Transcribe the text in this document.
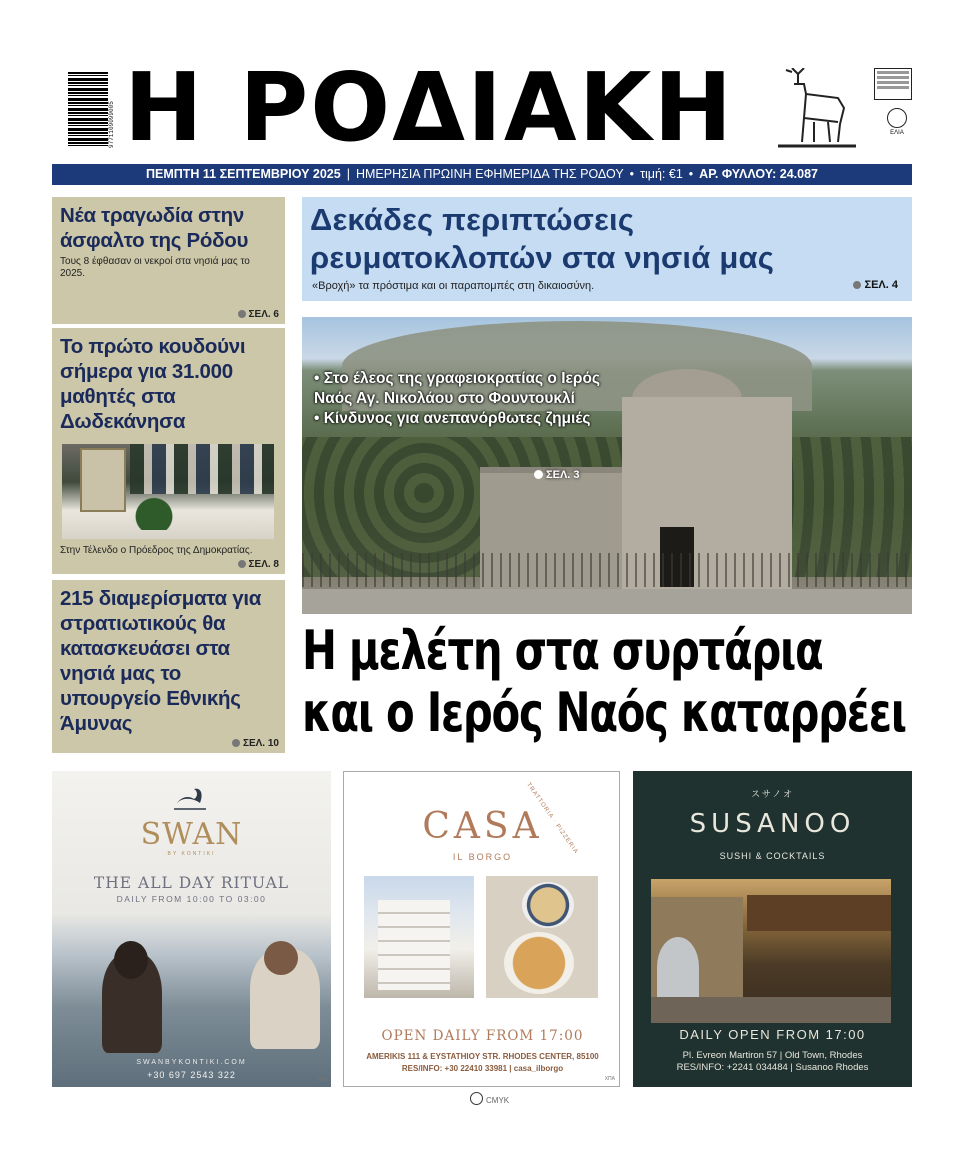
9771109099005 Η ΡΟΔΙΑΚΗ	ΕΛΙΑ
ΠΕΜΠΤΗ 11 ΣΕΠΤΕΜΒΡΙΟΥ 2025 | ΗΜΕΡΗΣΙΑ ΠΡΩΙΝΗ ΕΦΗΜΕΡΙΔΑ ΤΗΣ ΡΟΔΟΥ • τιμή: €1 • ΑΡ. ΦΥΛΛΟΥ: 24.087
Νέα τραγωδία στην άσφαλτο της Ρόδου
Τους 8 έφθασαν οι νεκροί στα νησιά μας το 2025.
ΣΕΛ. 6
Το πρώτο κουδούνι σήμερα για 31.000 μαθητές στα Δωδεκάνησα
Στην Τέλενδο ο Πρόεδρος της Δημοκρατίας.
ΣΕΛ. 8
215 διαμερίσματα για στρατιωτικούς θα κατασκευάσει στα νησιά μας το υπουργείο Εθνικής Άμυνας
ΣΕΛ. 10
Δεκάδες περιπτώσεις ρευματοκλοπών στα νησιά μας
«Βροχή» τα πρόστιμα και οι παραπομπές στη δικαιοσύνη.	ΣΕΛ. 4
• Στο έλεος της γραφειοκρατίας ο Ιερός Ναός Αγ. Νικολάου στο Φουντουκλί
• Κίνδυνος για ανεπανόρθωτες ζημιές
ΣΕΛ. 3
Η μελέτη στα συρτάρια
και ο Ιερός Ναός καταρρέει
SWAN
BY KONTIKI
THE ALL DAY RITUAL
DAILY FROM 10:00 TO 03:00
SWANBYKONTIKI.COM
+30 697 2543 322	ΧΠΑ
TRATTORIA · PIZZERIA
CASA
IL BORGO
OPEN DAILY FROM 17:00
AMERIKIS 111 & EYSTATHIOY STR. RHODES CENTER, 85100
RES/INFO: +30 22410 33981 | casa_ilborgo
ΧΠΑ
スサノオ
SUSANOO
SUSHI & COCKTAILS
DAILY OPEN FROM 17:00
Pl. Evreon Martiron 57 | Old Town, Rhodes
RES/INFO: +2241 034484 | Susanoo Rhodes
CMYK
